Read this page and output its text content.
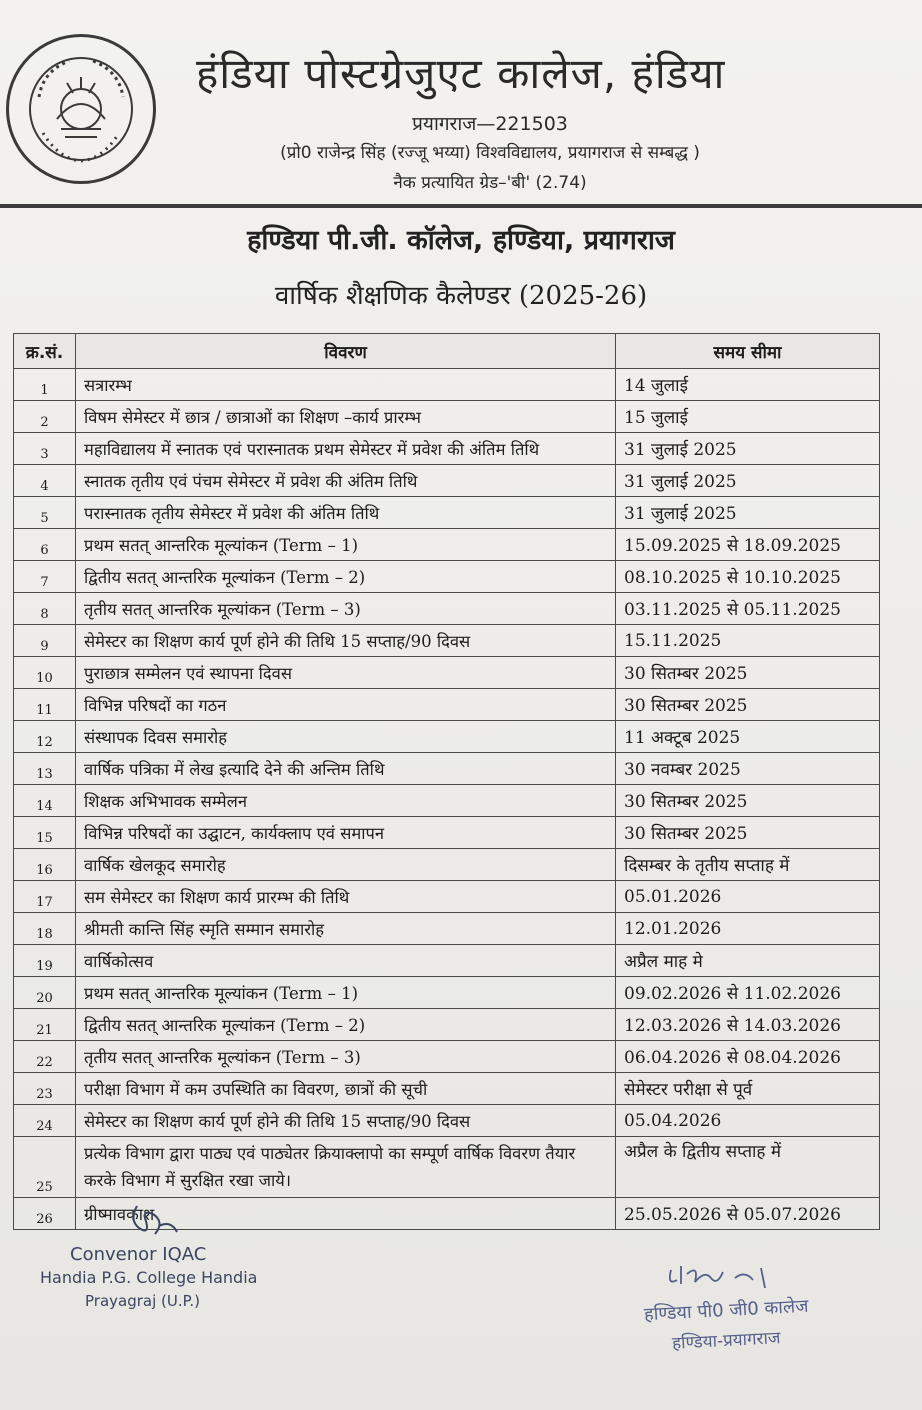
हंडिया पोस्टग्रेजुएट कालेज, हंडिया
प्रयागराज—221503
(प्रो0 राजेन्द्र सिंह (रज्जू भय्या) विश्वविद्यालय, प्रयागराज से सम्बद्ध )
नैक प्रत्यायित ग्रेड–'बी' (2.74)
हण्डिया पी.जी. कॉलेज, हण्डिया, प्रयागराज
वार्षिक शैक्षणिक कैलेण्डर (2025-26)
क्र.सं.	विवरण	समय सीमा
1	सत्रारम्भ	14 जुलाई
2	विषम सेमेस्टर में छात्र / छात्राओं का शिक्षण –कार्य प्रारम्भ	15 जुलाई
3	महाविद्यालय में स्नातक एवं परास्नातक प्रथम सेमेस्टर में प्रवेश की अंतिम तिथि	31 जुलाई 2025
4	स्नातक तृतीय एवं पंचम सेमेस्टर में प्रवेश की अंतिम तिथि	31 जुलाई 2025
5	परास्नातक तृतीय सेमेस्टर में प्रवेश की अंतिम तिथि	31 जुलाई 2025
6	प्रथम सतत् आन्तरिक मूल्यांकन (Term – 1)	15.09.2025 से 18.09.2025
7	द्वितीय सतत् आन्तरिक मूल्यांकन (Term – 2)	08.10.2025 से 10.10.2025
8	तृतीय सतत् आन्तरिक मूल्यांकन (Term – 3)	03.11.2025 से 05.11.2025
9	सेमेस्टर का शिक्षण कार्य पूर्ण होने की तिथि 15 सप्ताह/90 दिवस	15.11.2025
10	पुराछात्र सम्मेलन एवं स्थापना दिवस	30 सितम्बर 2025
11	विभिन्न परिषदों का गठन	30 सितम्बर 2025
12	संस्थापक दिवस समारोह	11 अक्टूब 2025
13	वार्षिक पत्रिका में लेख इत्यादि देने की अन्तिम तिथि	30 नवम्बर 2025
14	शिक्षक अभिभावक सम्मेलन	30 सितम्बर 2025
15	विभिन्न परिषदों का उद्घाटन, कार्यक्लाप एवं समापन	30 सितम्बर 2025
16	वार्षिक खेलकूद समारोह	दिसम्बर के तृतीय सप्ताह में
17	सम सेमेस्टर का शिक्षण कार्य प्रारम्भ की तिथि	05.01.2026
18	श्रीमती कान्ति सिंह स्मृति सम्मान समारोह	12.01.2026
19	वार्षिकोत्सव	अप्रैल माह मे
20	प्रथम सतत् आन्तरिक मूल्यांकन (Term – 1)	09.02.2026 से 11.02.2026
21	द्वितीय सतत् आन्तरिक मूल्यांकन (Term – 2)	12.03.2026 से 14.03.2026
22	तृतीय सतत् आन्तरिक मूल्यांकन (Term – 3)	06.04.2026 से 08.04.2026
23	परीक्षा विभाग में कम उपस्थिति का विवरण, छात्रों की सूची	सेमेस्टर परीक्षा से पूर्व
24	सेमेस्टर का शिक्षण कार्य पूर्ण होने की तिथि 15 सप्ताह/90 दिवस	05.04.2026
25	प्रत्येक विभाग द्वारा पाठ्य एवं पाठ्येतर क्रियाक्लापो का सम्पूर्ण वार्षिक विवरण तैयार करके विभाग में सुरक्षित रखा जाये।	अप्रैल के द्वितीय सप्ताह में
26	ग्रीष्मावकाश	25.05.2026 से 05.07.2026
Convenor IQAC
Handia P.G. College Handia
Prayagraj (U.P.)	हण्डिया पी0 जी0 कालेज
हण्डिया-प्रयागराज
